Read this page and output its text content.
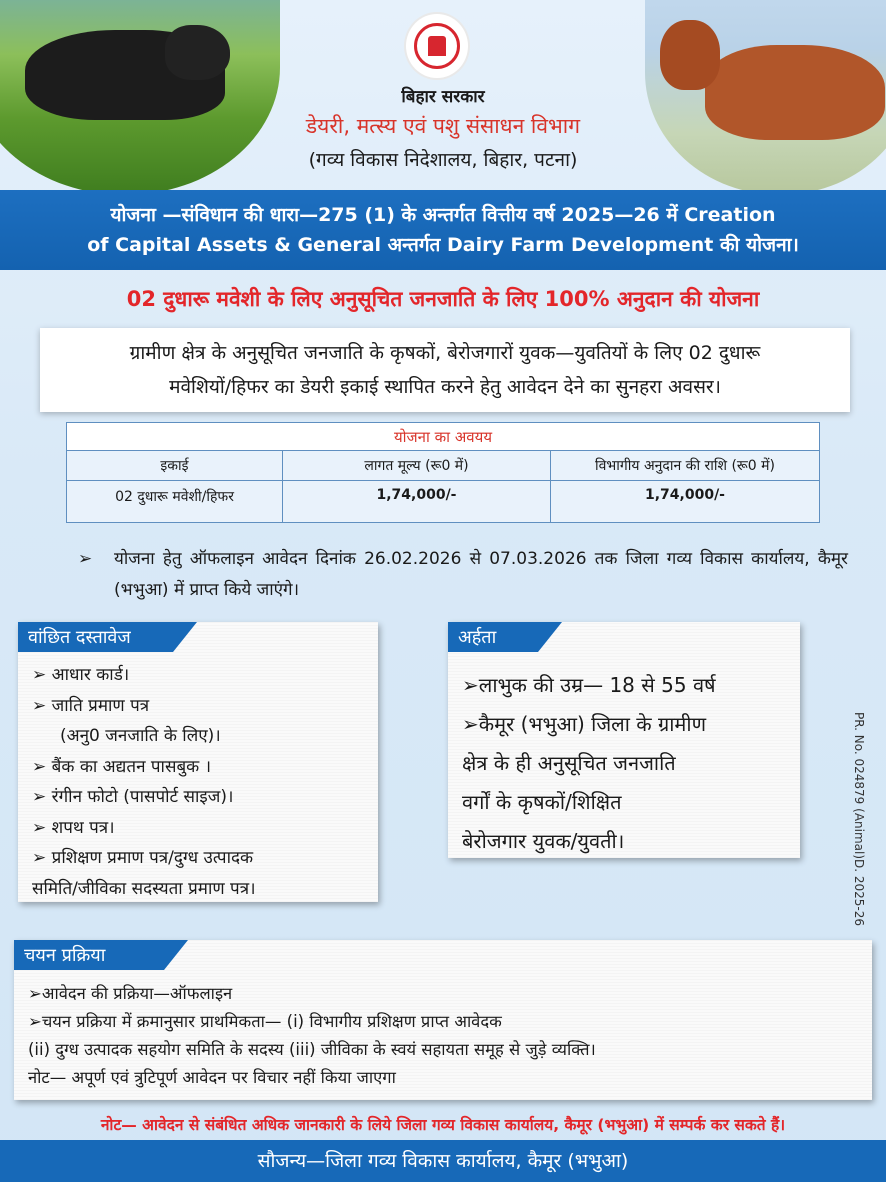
बिहार सरकार
डेयरी, मत्स्य एवं पशु संसाधन विभाग
(गव्य विकास निदेशालय, बिहार, पटना)
योजना —संविधान की धारा—275 (1) के अन्तर्गत वित्तीय वर्ष 2025—26 में Creation
of Capital Assets & General अन्तर्गत Dairy Farm Development की योजना।
02 दुधारू मवेशी के लिए अनुसूचित जनजाति के लिए 100% अनुदान की योजना
ग्रामीण क्षेत्र के अनुसूचित जनजाति के कृषकों, बेरोजगारों युवक—युवतियों के लिए 02 दुधारू
मवेशियों/हिफर का डेयरी इकाई स्थापित करने हेतु आवेदन देने का सुनहरा अवसर।
योजना का अवयय		
इकाई	लागत मूल्य (रू0 में)	विभागीय अनुदान की राशि (रू0 में)
02 दुधारू मवेशी/हिफर	1,74,000/-	1,74,000/-
➢	योजना हेतु ऑफलाइन आवेदन दिनांक 26.02.2026 से 07.03.2026 तक जिला गव्य विकास कार्यालय, कैमूर (भभुआ) में प्राप्त किये जाएंगे।
वांछित दस्तावेज
➢ आधार कार्ड।
➢ जाति प्रमाण पत्र
(अनु0 जनजाति के लिए)।
➢ बैंक का अद्यतन पासबुक ।
➢ रंगीन फोटो (पासपोर्ट साइज)।
➢ शपथ पत्र।
➢ प्रशिक्षण प्रमाण पत्र/दुग्ध उत्पादक
समिति/जीविका सदस्यता प्रमाण पत्र।
अर्हता
➢लाभुक की उम्र— 18 से 55 वर्ष
➢कैमूर (भभुआ) जिला के ग्रामीण
क्षेत्र के ही अनुसूचित जनजाति
वर्गों के कृषकों/शिक्षित
बेरोजगार युवक/युवती।	PR. No. 024879 (Animal)D. 2025-26
चयन प्रक्रिया
➢आवेदन की प्रक्रिया—ऑफलाइन
➢चयन प्रक्रिया में क्रमानुसार प्राथमिकता— (i) विभागीय प्रशिक्षण प्राप्त आवेदक
(ii) दुग्ध उत्पादक सहयोग समिति के सदस्य (iii) जीविका के स्वयं सहायता समूह से जुड़े व्यक्ति।
नोट— अपूर्ण एवं त्रुटिपूर्ण आवेदन पर विचार नहीं किया जाएगा
नोट— आवेदन से संबंधित अधिक जानकारी के लिये जिला गव्य विकास कार्यालय, कैमूर (भभुआ) में सम्पर्क कर सकते हैं।
सौजन्य—जिला गव्य विकास कार्यालय, कैमूर (भभुआ)
